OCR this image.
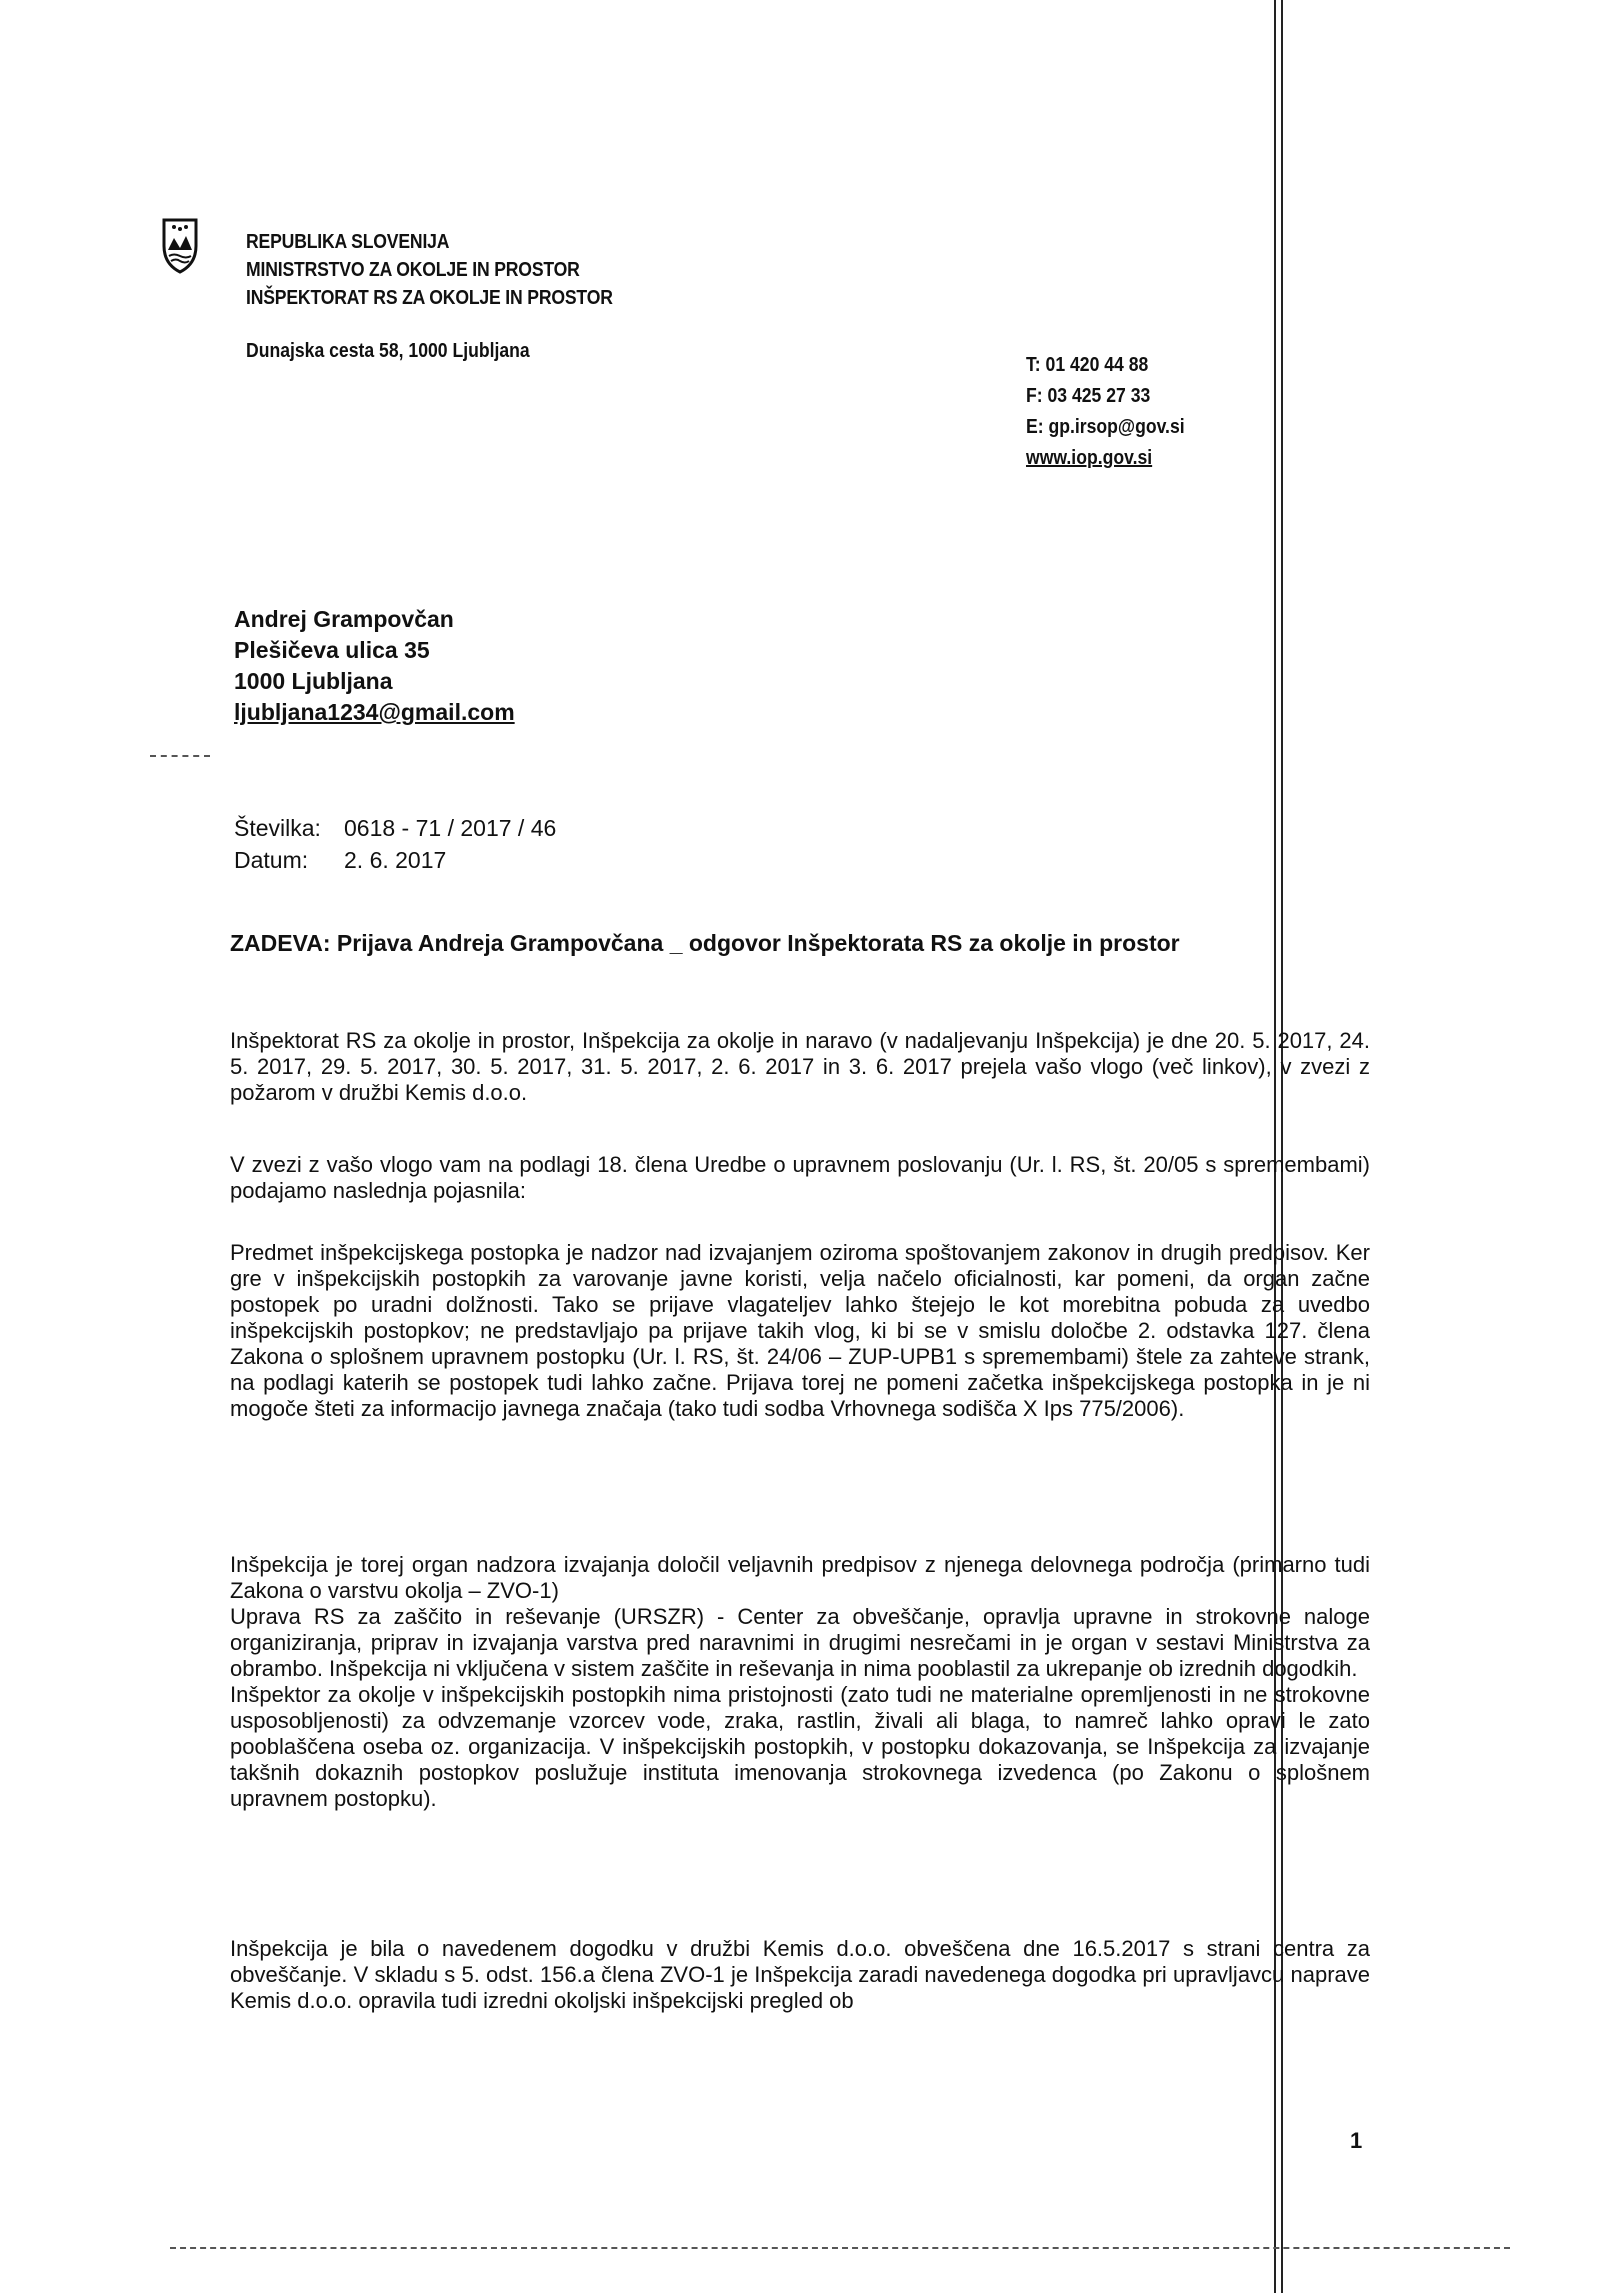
REPUBLIKA SLOVENIJA
MINISTRSTVO ZA OKOLJE IN PROSTOR
INŠPEKTORAT RS ZA OKOLJE IN PROSTOR
Dunajska cesta 58, 1000 Ljubljana
T: 01 420 44 88
F: 03 425 27 33
E: gp.irsop@gov.si
www.iop.gov.si
Andrej Grampovčan
Plešičeva ulica 35
1000 Ljubljana
ljubljana1234@gmail.com
Številka: 0618 - 71 / 2017 / 46
Datum: 2. 6. 2017
ZADEVA: Prijava Andreja Grampovčana _ odgovor Inšpektorata RS za okolje in prostor
Inšpektorat RS za okolje in prostor, Inšpekcija za okolje in naravo (v nadaljevanju Inšpekcija) je dne 20. 5. 2017, 24. 5. 2017, 29. 5. 2017, 30. 5. 2017, 31. 5. 2017, 2. 6. 2017 in 3. 6. 2017 prejela vašo vlogo (več linkov), v zvezi z požarom v družbi Kemis d.o.o.
V zvezi z vašo vlogo vam na podlagi 18. člena Uredbe o upravnem poslovanju (Ur. l. RS, št. 20/05 s spremembami) podajamo naslednja pojasnila:
Predmet inšpekcijskega postopka je nadzor nad izvajanjem oziroma spoštovanjem zakonov in drugih predpisov. Ker gre v inšpekcijskih postopkih za varovanje javne koristi, velja načelo oficialnosti, kar pomeni, da organ začne postopek po uradni dolžnosti. Tako se prijave vlagateljev lahko štejejo le kot morebitna pobuda za uvedbo inšpekcijskih postopkov; ne predstavljajo pa prijave takih vlog, ki bi se v smislu določbe 2. odstavka 127. člena Zakona o splošnem upravnem postopku (Ur. l. RS, št. 24/06 – ZUP-UPB1 s spremembami) štele za zahteve strank, na podlagi katerih se postopek tudi lahko začne. Prijava torej ne pomeni začetka inšpekcijskega postopka in je ni mogoče šteti za informacijo javnega značaja (tako tudi sodba Vrhovnega sodišča X Ips 775/2006).

Inšpekcija je torej organ nadzora izvajanja določil veljavnih predpisov z njenega delovnega področja (primarno tudi Zakona o varstvu okolja – ZVO-1)

Uprava RS za zaščito in reševanje (URSZR) - Center za obveščanje, opravlja upravne in strokovne naloge organiziranja, priprav in izvajanja varstva pred naravnimi in drugimi nesrečami in je organ v sestavi Ministrstva za obrambo. Inšpekcija ni vključena v sistem zaščite in reševanja in nima pooblastil za ukrepanje ob izrednih dogodkih.

Inšpektor za okolje v inšpekcijskih postopkih nima pristojnosti (zato tudi ne materialne opremljenosti in ne strokovne usposobljenosti) za odvzemanje vzorcev vode, zraka, rastlin, živali ali blaga, to namreč lahko opravi le zato pooblaščena oseba oz. organizacija. V inšpekcijskih postopkih, v postopku dokazovanja, se Inšpekcija za izvajanje takšnih dokaznih postopkov poslužuje instituta imenovanja strokovnega izvedenca (po Zakonu o splošnem upravnem postopku).

Inšpekcija je bila o navedenem dogodku v družbi Kemis d.o.o. obveščena dne 16.5.2017 s strani centra za obveščanje. V skladu s 5. odst. 156.a člena ZVO-1 je Inšpekcija zaradi navedenega dogodka pri upravljavcu naprave Kemis d.o.o. opravila tudi izredni okoljski inšpekcijski pregled ob
1
